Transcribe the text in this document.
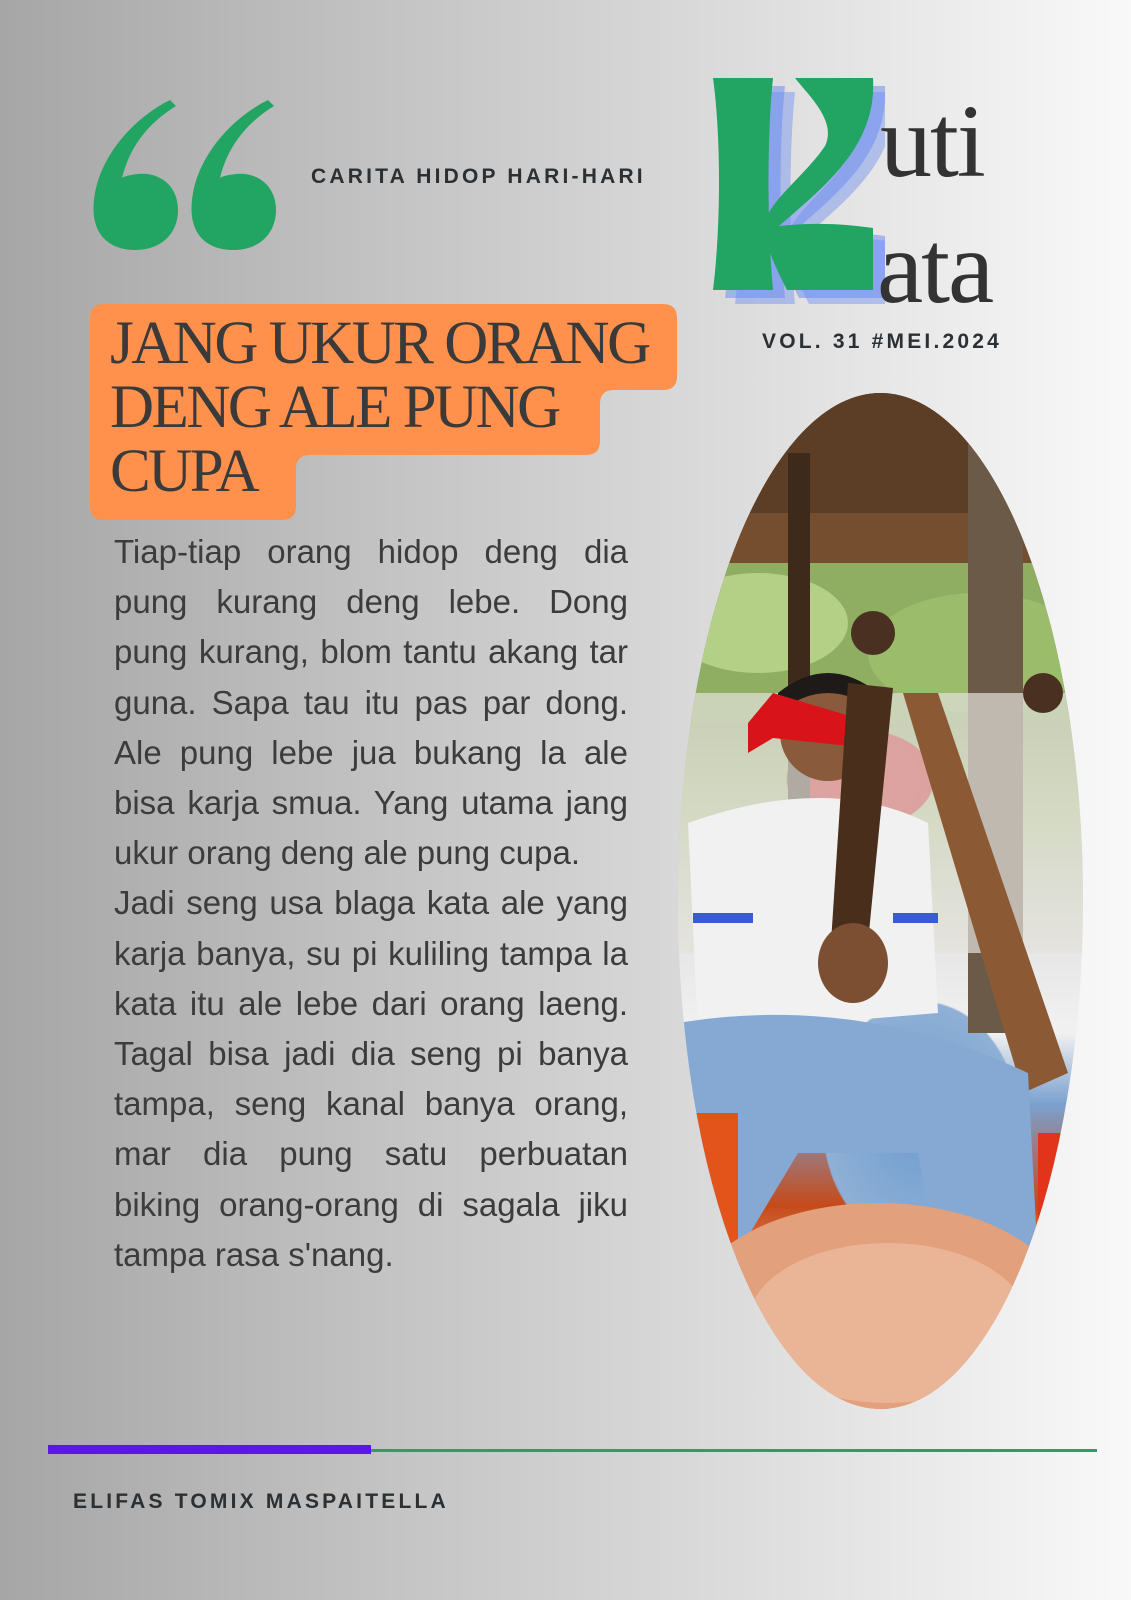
CARITA HIDOP HARI-HARI uti
ata
VOL. 31 #MEI.2024
JANG UKUR ORANG
DENG ALE PUNG
CUPA

Tiap-tiap orang hidop deng dia pung kurang deng lebe. Dong pung kurang, blom tantu akang tar guna. Sapa tau itu pas par dong. Ale pung lebe jua bukang la ale bisa karja smua. Yang utama jang ukur orang deng ale pung cupa.

Jadi seng usa blaga kata ale yang karja banya, su pi kuliling tampa la kata itu ale lebe dari orang laeng. Tagal bisa jadi dia seng pi banya tampa, seng kanal banya orang, mar dia pung satu perbuatan biking orang-orang di sagala jiku tampa rasa s'nang.

ELIFAS TOMIX MASPAITELLA
